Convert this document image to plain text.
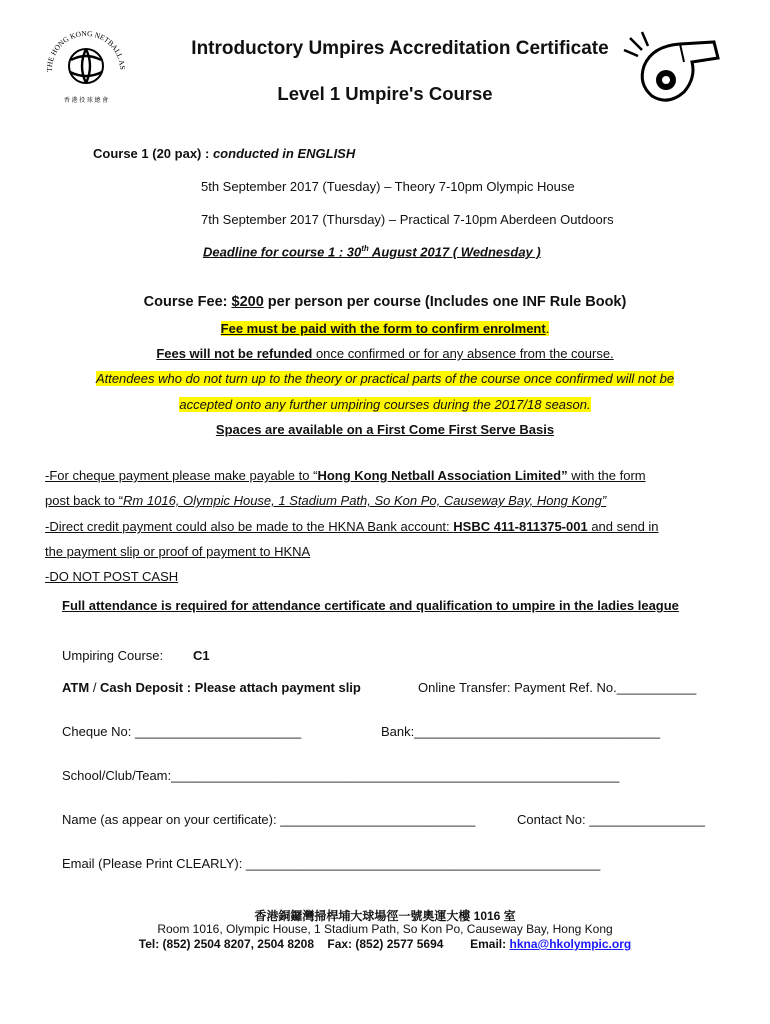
THE HONG KONG NETBALL AS
香 港 投 球 總 會
Introductory Umpires Accreditation Certificate
Level 1 Umpire's Course
Course 1 (20 pax) : conducted in ENGLISH
5th September 2017 (Tuesday) – Theory 7-10pm Olympic House
7th September 2017 (Thursday) – Practical 7-10pm Aberdeen Outdoors
Deadline for course 1 : 30th August 2017 ( Wednesday )
Course Fee: $200 per person per course (Includes one INF Rule Book)
Fee must be paid with the form to confirm enrolment.
Fees will not be refunded once confirmed or for any absence from the course.
Attendees who do not turn up to the theory or practical parts of the course once confirmed will not be
accepted onto any further umpiring courses during the 2017/18 season.
Spaces are available on a First Come First Serve Basis
-For cheque payment please make payable to “Hong Kong Netball Association Limited” with the form
post back to “Rm 1016, Olympic House, 1 Stadium Path, So Kon Po, Causeway Bay, Hong Kong”
-Direct credit payment could also be made to the HKNA Bank account: HSBC 411-811375-001 and send in
the payment slip or proof of payment to HKNA
-DO NOT POST CASH
Full attendance is required for attendance certificate and qualification to umpire in the ladies league
Umpiring Course: C1
ATM / Cash Deposit : Please attach payment slip	Online Transfer: Payment Ref. No.___________
Cheque No: _______________________	Bank:__________________________________
School/Club/Team:______________________________________________________________
Name (as appear on your certificate): ___________________________	Contact No: ________________
Email (Please Print CLEARLY): _________________________________________________
香港銅鑼灣掃桿埔大球場徑一號奧運大樓 1016 室
Room 1016, Olympic House, 1 Stadium Path, So Kon Po, Causeway Bay, Hong Kong
Tel: (852) 2504 8207, 2504 8208 Fax: (852) 2577 5694 Email: hkna@hkolympic.org
